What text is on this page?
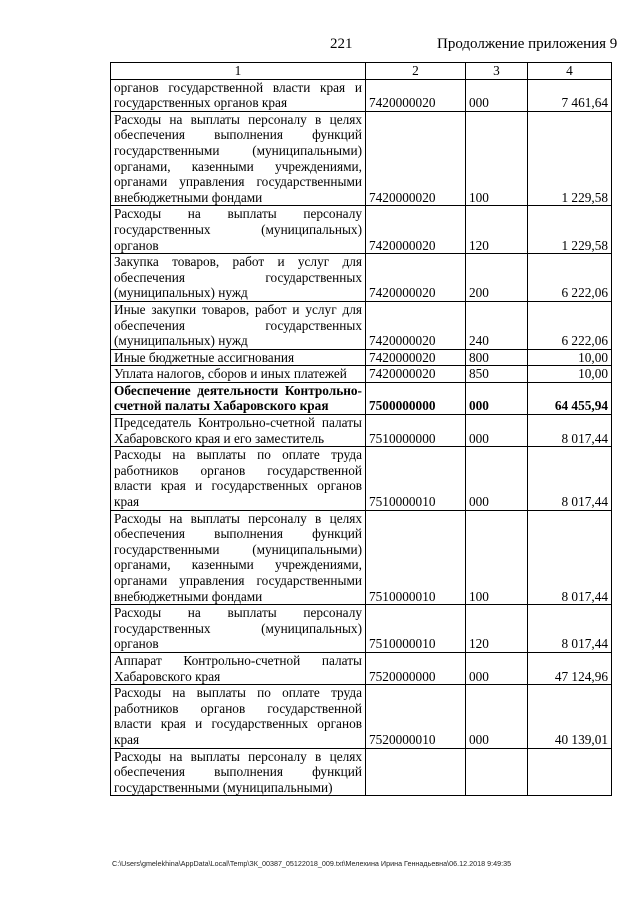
221	Продолжение приложения 9
1	2	3	4
органов государственной власти края и государственных органов края	7420000020	000	7 461,64
Расходы на выплаты персоналу в целях обеспечения выполнения функций государственными (муниципальными) органами, казенными учреждениями, органами управления государственными внебюджетными фондами	7420000020	100	1 229,58
Расходы на выплаты персоналу государственных (муниципальных) органов	7420000020	120	1 229,58
Закупка товаров, работ и услуг для обеспечения государственных (муниципальных) нужд	7420000020	200	6 222,06
Иные закупки товаров, работ и услуг для обеспечения государственных (муниципальных) нужд	7420000020	240	6 222,06
Иные бюджетные ассигнования	7420000020	800	10,00
Уплата налогов, сборов и иных платежей	7420000020	850	10,00
Обеспечение деятельности Контрольно-счетной палаты Хабаровского края	7500000000	000	64 455,94
Председатель Контрольно-счетной палаты Хабаровского края и его заместитель	7510000000	000	8 017,44
Расходы на выплаты по оплате труда работников органов государственной власти края и государственных органов края	7510000010	000	8 017,44
Расходы на выплаты персоналу в целях обеспечения выполнения функций государственными (муниципальными) органами, казенными учреждениями, органами управления государственными внебюджетными фондами	7510000010	100	8 017,44
Расходы на выплаты персоналу государственных (муниципальных) органов	7510000010	120	8 017,44
Аппарат Контрольно-счетной палаты Хабаровского края	7520000000	000	47 124,96
Расходы на выплаты по оплате труда работников органов государственной власти края и государственных органов края	7520000010	000	40 139,01
Расходы на выплаты персоналу в целях обеспечения выполнения функций государственными (муниципальными)			
C:\Users\gmelekhina\AppData\Local\Temp\ЗК_00387_05122018_009.txt\Мелехина Ирина Геннадьевна\06.12.2018 9:49:35
